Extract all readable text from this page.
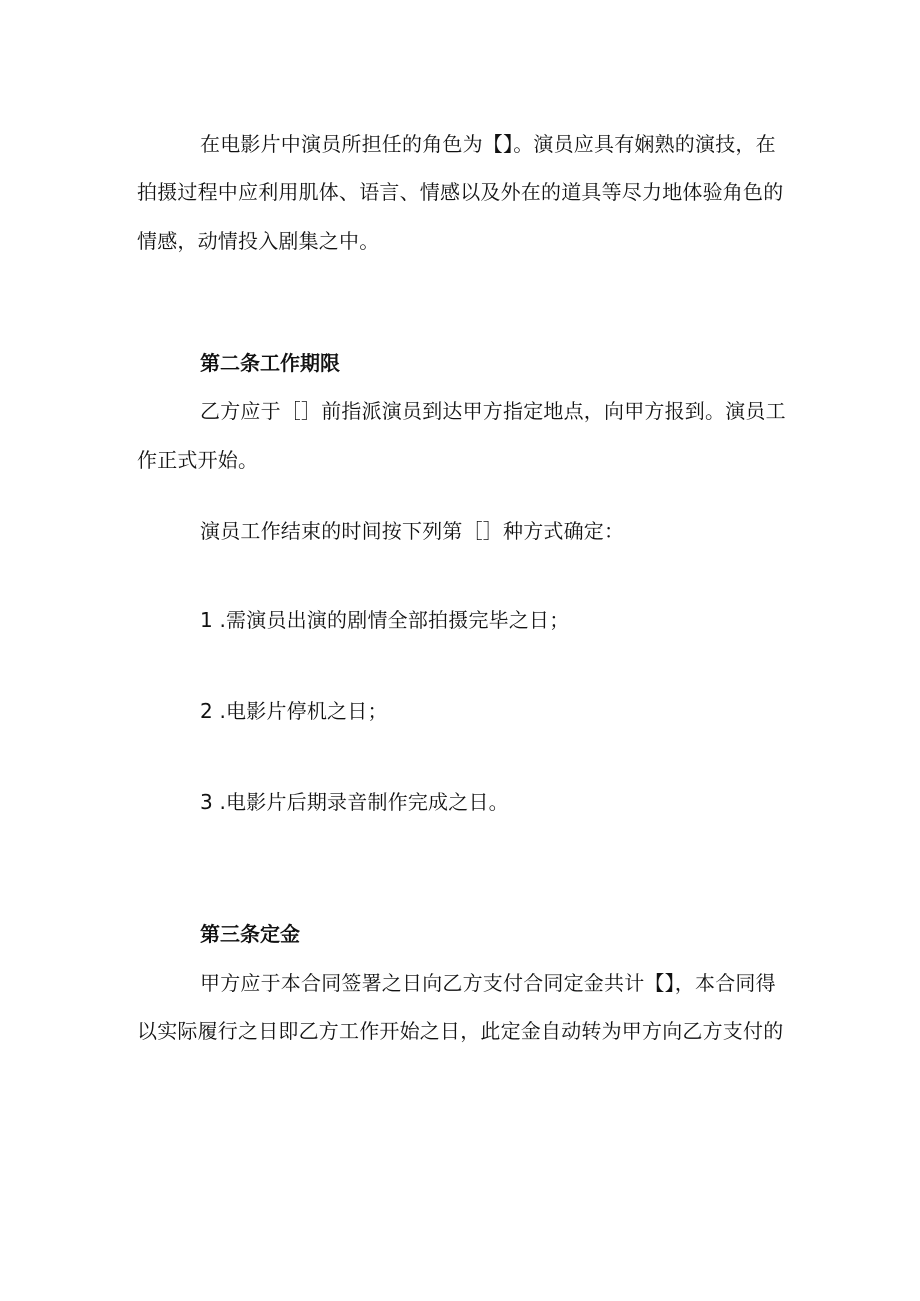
在电影片中演员所担任的角色为【】。演员应具有娴熟的演技，在
拍摄过程中应利用肌体、语言、情感以及外在的道具等尽力地体验角色的
情感，动情投入剧集之中。
第二条工作期限
乙方应于［］前指派演员到达甲方指定地点，向甲方报到。演员工
作正式开始。
演员工作结束的时间按下列第［］种方式确定：
1 .需演员出演的剧情全部拍摄完毕之日；
2 .电影片停机之日；
3 .电影片后期录音制作完成之日。
第三条定金
甲方应于本合同签署之日向乙方支付合同定金共计【】，本合同得
以实际履行之日即乙方工作开始之日，此定金自动转为甲方向乙方支付的
